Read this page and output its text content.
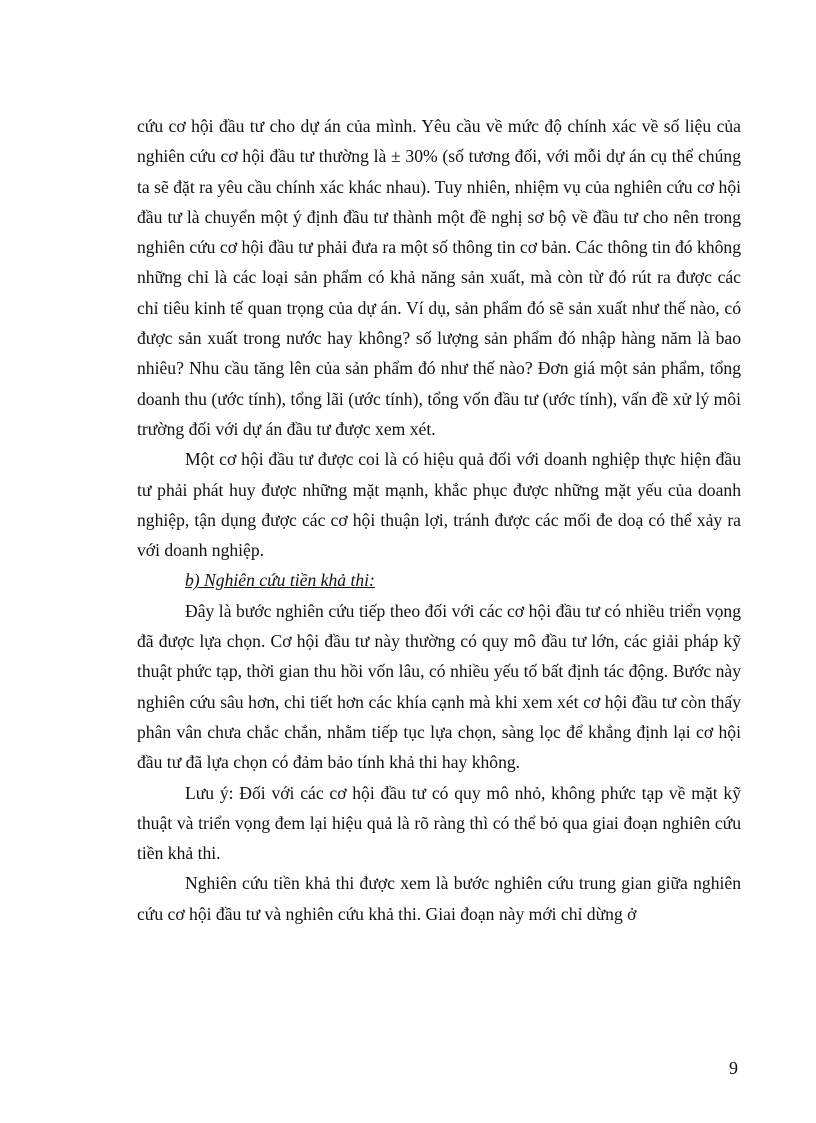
cứu cơ hội đầu tư cho dự án của mình. Yêu cầu về mức độ chính xác về số liệu của nghiên cứu cơ hội đầu tư thường là ± 30% (số tương đối, với mỗi dự án cụ thể chúng ta sẽ đặt ra yêu cầu chính xác khác nhau). Tuy nhiên, nhiệm vụ của nghiên cứu cơ hội đầu tư là chuyển một ý định đầu tư thành một đề nghị sơ bộ về đầu tư cho nên trong nghiên cứu cơ hội đầu tư phải đưa ra một số thông tin cơ bản. Các thông tin đó không những chỉ là các loại sản phẩm có khả năng sản xuất, mà còn từ đó rút ra được các chỉ tiêu kinh tế quan trọng của dự án. Ví dụ, sản phẩm đó sẽ sản xuất như thế nào, có được sản xuất trong nước hay không? số lượng sản phẩm đó nhập hàng năm là bao nhiêu? Nhu cầu tăng lên của sản phẩm đó như thế nào? Đơn giá một sản phẩm, tổng doanh thu (ước tính), tổng lãi (ước tính), tổng vốn đầu tư (ước tính), vấn đề xử lý môi trường đối với dự án đầu tư được xem xét.

Một cơ hội đầu tư được coi là có hiệu quả đối với doanh nghiệp thực hiện đầu tư phải phát huy được những mặt mạnh, khắc phục được những mặt yếu của doanh nghiệp, tận dụng được các cơ hội thuận lợi, tránh được các mối đe doạ có thể xảy ra với doanh nghiệp.

b) Nghiên cứu tiền khả thi:

Đây là bước nghiên cứu tiếp theo đối với các cơ hội đầu tư có nhiều triển vọng đã được lựa chọn. Cơ hội đầu tư này thường có quy mô đầu tư lớn, các giải pháp kỹ thuật phức tạp, thời gian thu hồi vốn lâu, có nhiều yếu tố bất định tác động. Bước này nghiên cứu sâu hơn, chi tiết hơn các khía cạnh mà khi xem xét cơ hội đầu tư còn thấy phân vân chưa chắc chắn, nhằm tiếp tục lựa chọn, sàng lọc để khẳng định lại cơ hội đầu tư đã lựa chọn có đảm bảo tính khả thi hay không.

Lưu ý: Đối với các cơ hội đầu tư có quy mô nhỏ, không phức tạp về mặt kỹ thuật và triển vọng đem lại hiệu quả là rõ ràng thì có thể bỏ qua giai đoạn nghiên cứu tiền khả thi.

Nghiên cứu tiền khả thi được xem là bước nghiên cứu trung gian giữa nghiên cứu cơ hội đầu tư và nghiên cứu khả thi. Giai đoạn này mới chỉ dừng ở

9
